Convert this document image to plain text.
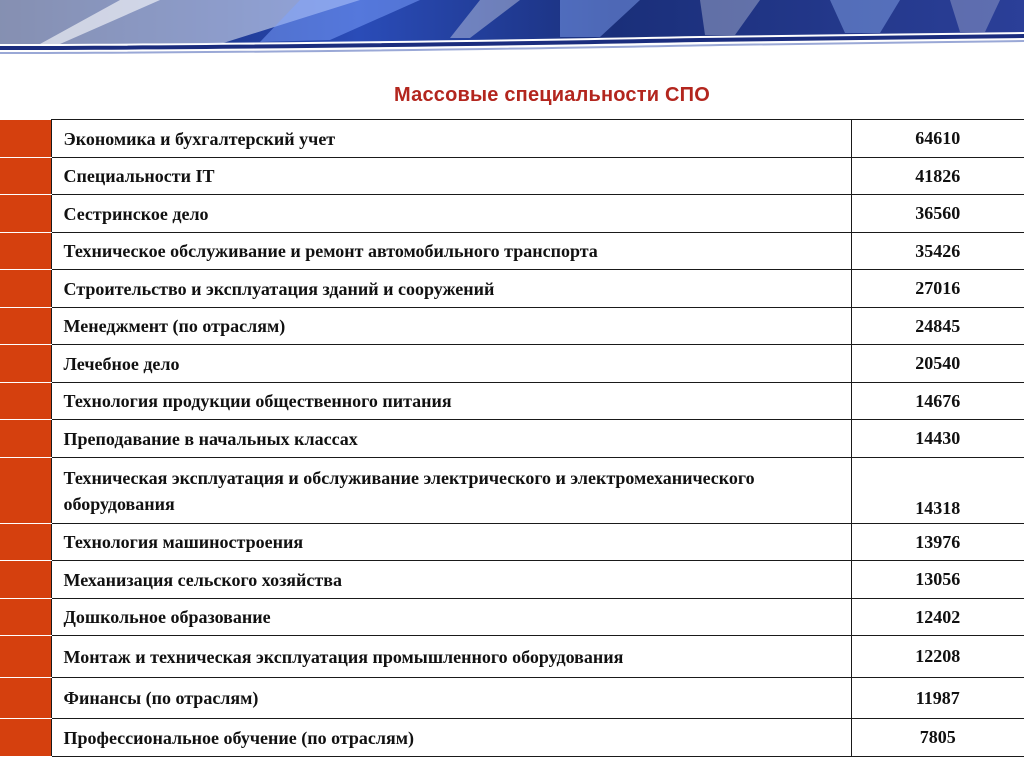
Массовые специальности СПО
	Экономика и бухгалтерский учет	64610
	Специальности IT	41826
	Сестринское дело	36560
	Техническое обслуживание и ремонт автомобильного транспорта	35426
	Строительство и эксплуатация зданий и сооружений	27016
	Менеджмент (по отраслям)	24845
	Лечебное дело	20540
	Технология продукции общественного питания	14676
	Преподавание в начальных классах	14430
	Техническая эксплуатация и обслуживание электрического и электромеханического оборудования	14318
	Технология машиностроения	13976
	Механизация сельского хозяйства	13056
	Дошкольное образование	12402
	Монтаж и техническая эксплуатация промышленного оборудования	12208
	Финансы (по отраслям)	11987
	Профессиональное обучение (по отраслям)	7805
